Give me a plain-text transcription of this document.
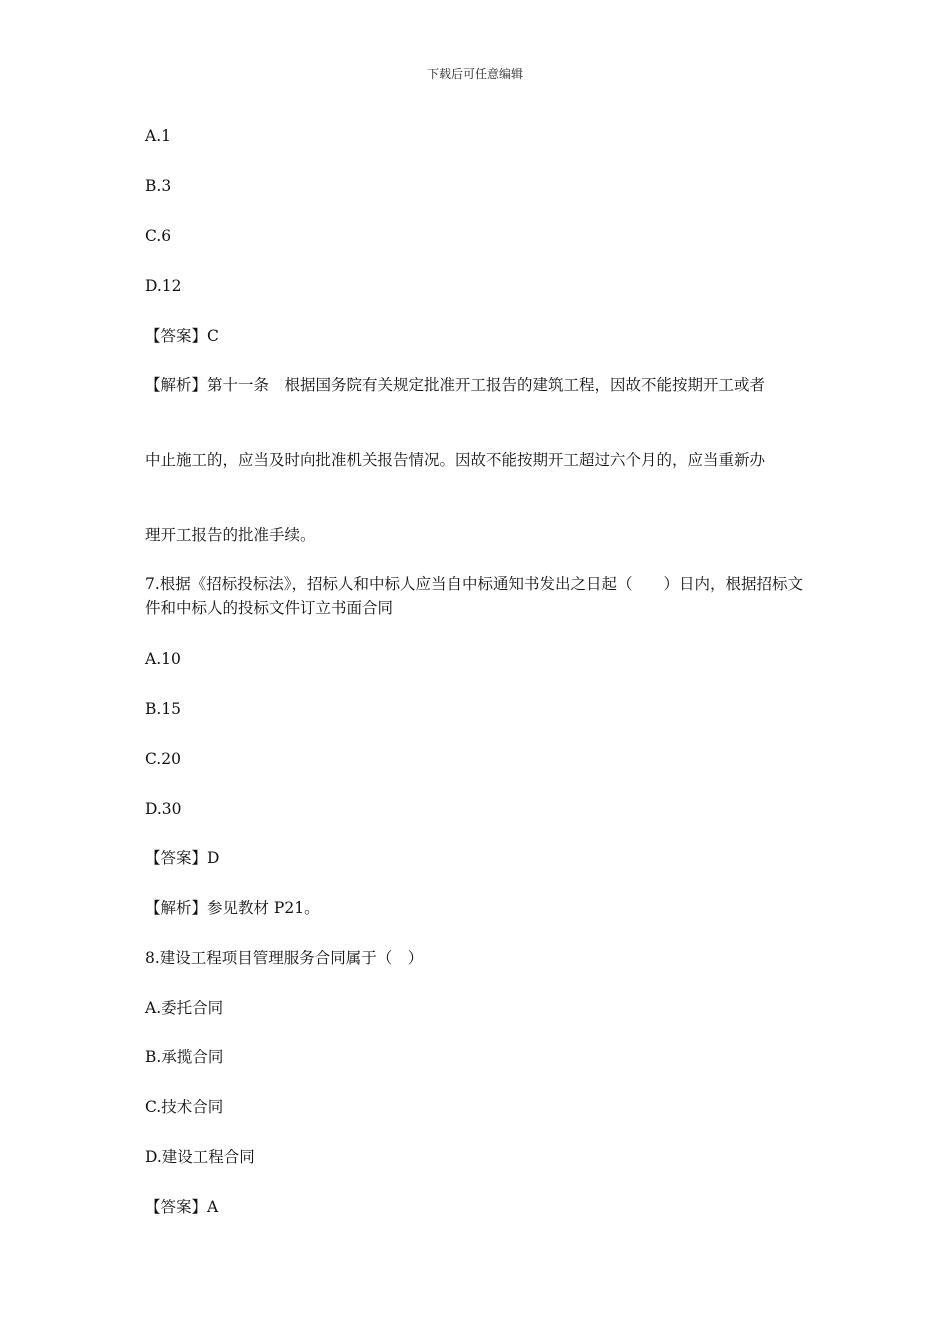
下载后可任意编辑
A.1
B.3
C.6
D.12
【答案】C
【解析】第十一条　根据国务院有关规定批准开工报告的建筑工程，因故不能按期开工或者
中止施工的，应当及时向批准机关报告情况。因故不能按期开工超过六个月的，应当重新办
理开工报告的批准手续。
7.根据《招标投标法》，招标人和中标人应当自中标通知书发出之日起（　　）日内，根据招标文件和中标人的投标文件订立书面合同
A.10
B.15
C.20
D.30
【答案】D
【解析】参见教材 P21。
8.建设工程项目管理服务合同属于（　）
A.委托合同
B.承揽合同
C.技术合同
D.建设工程合同
【答案】A
